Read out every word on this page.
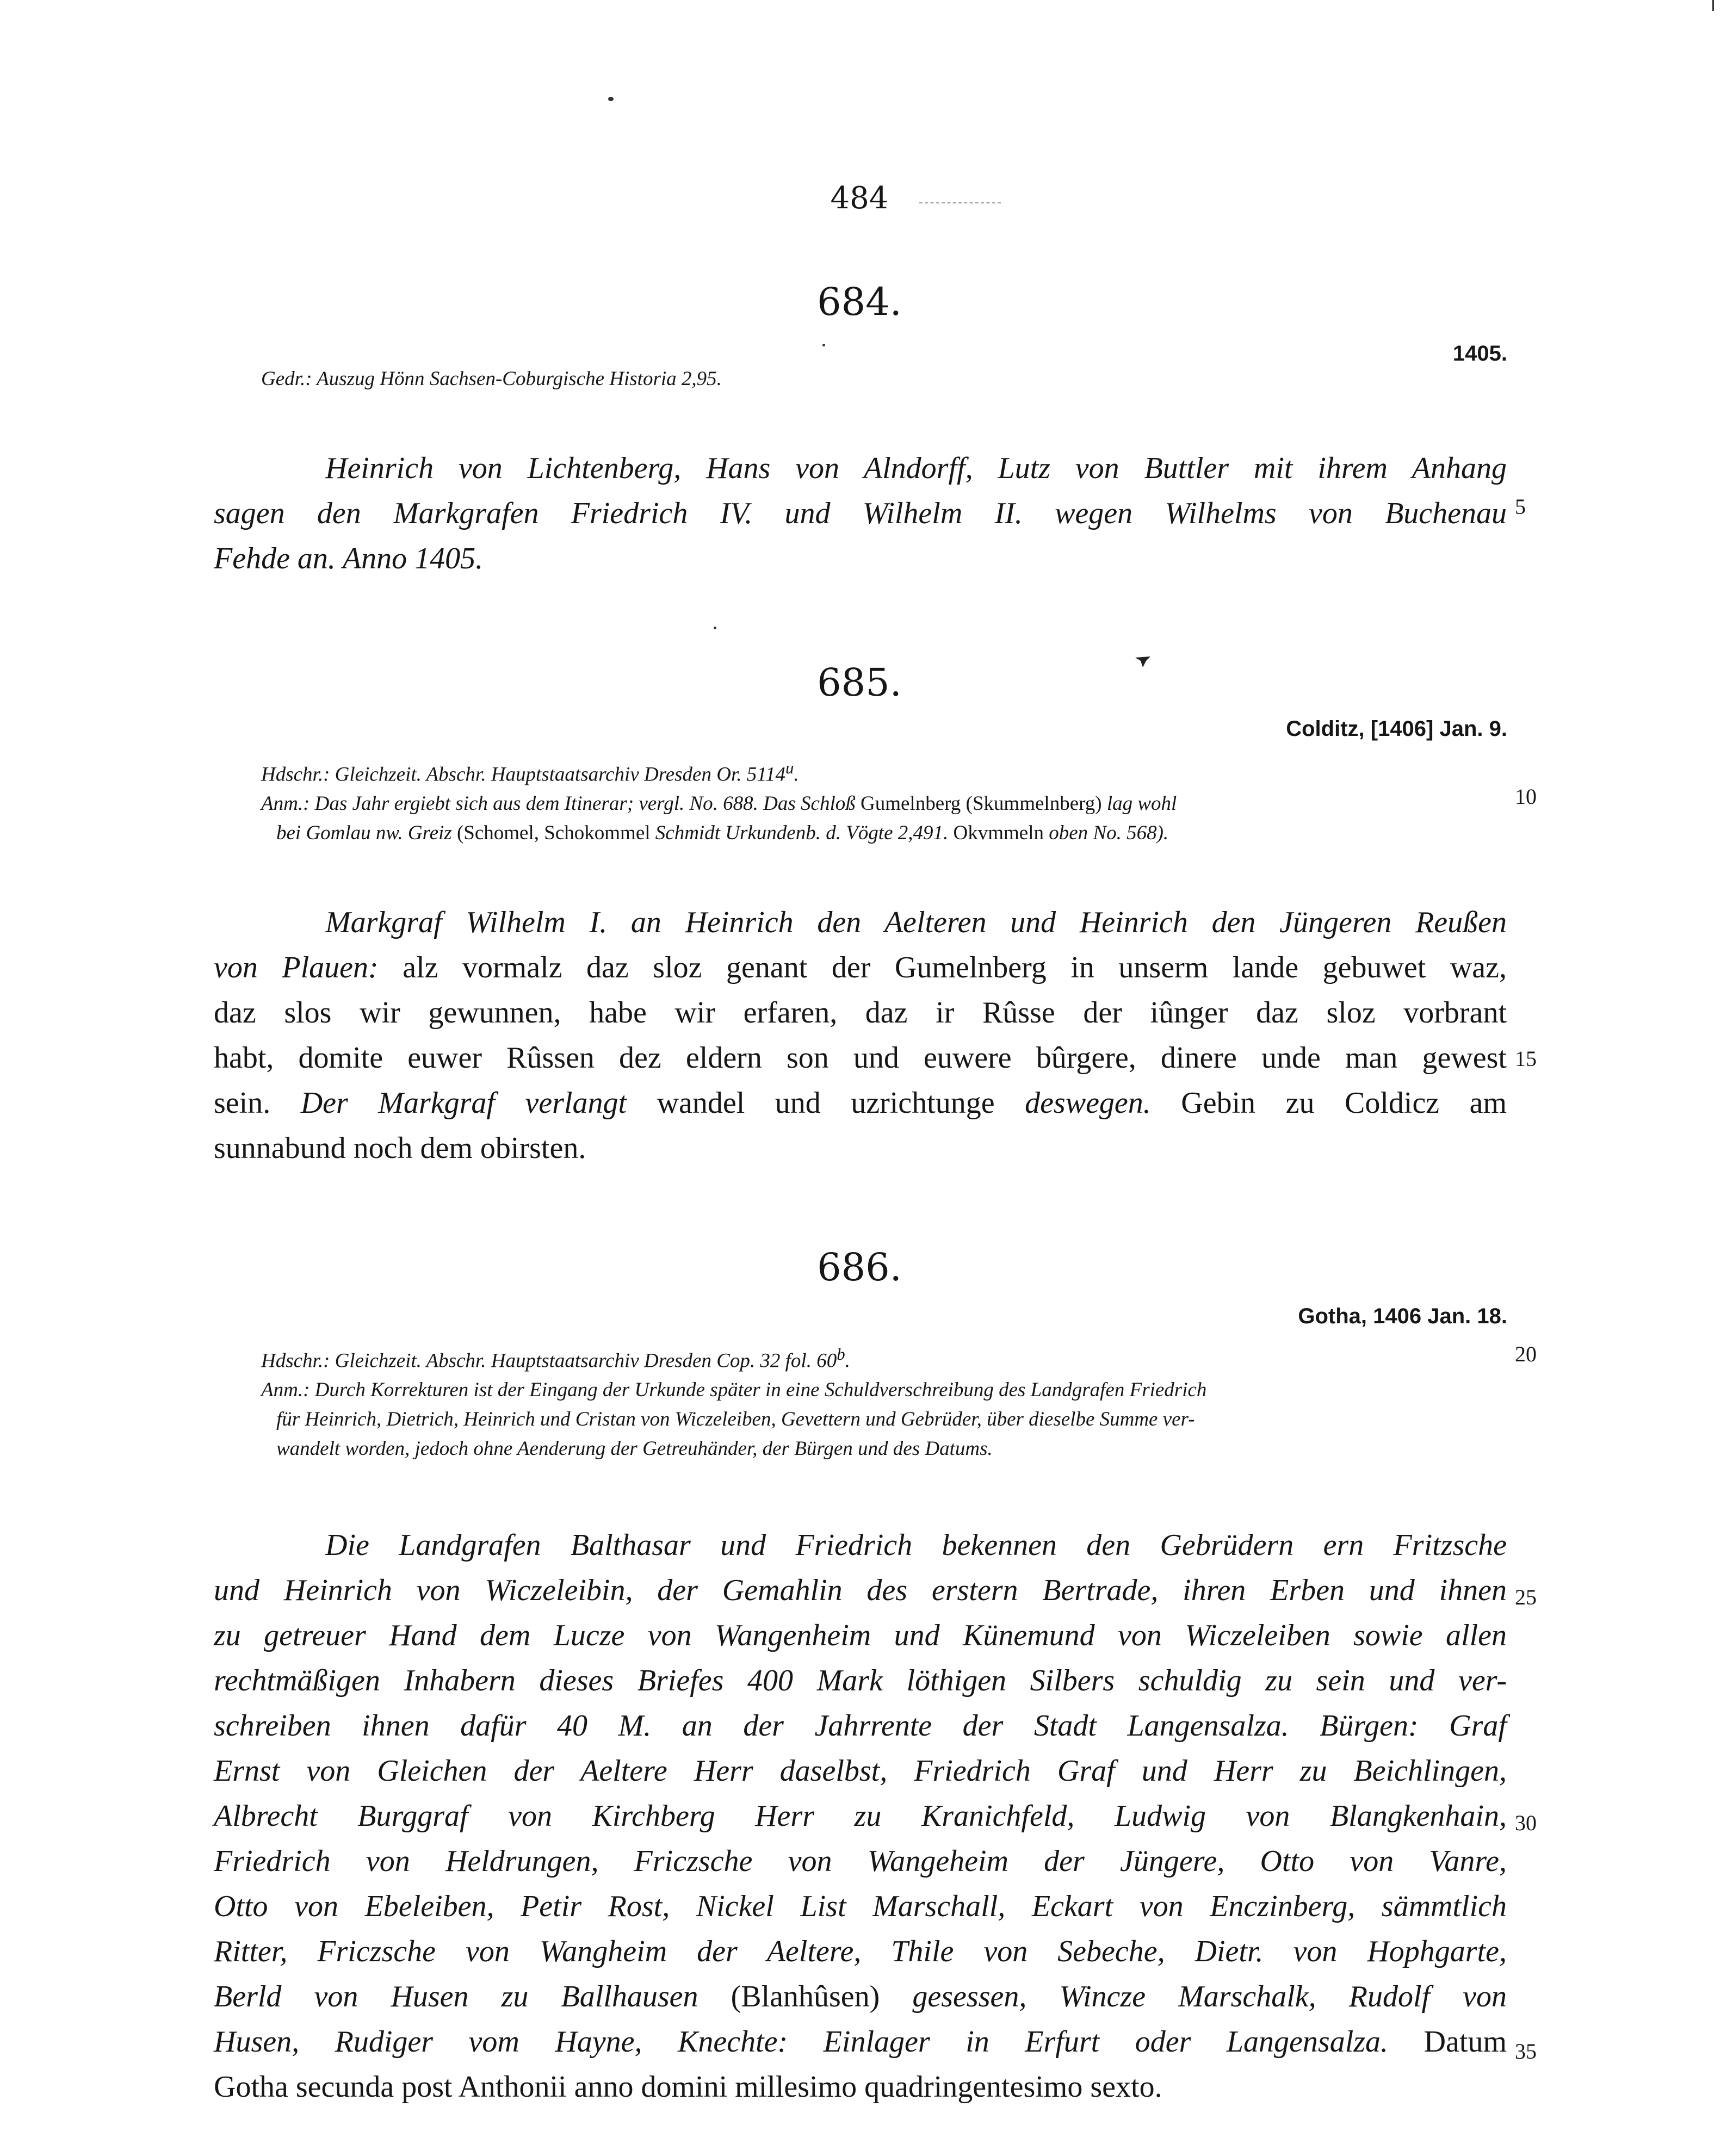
484
684.
1405.
Gedr.: Auszug Hönn Sachsen-Coburgische Historia 2,95.
Heinrich von Lichtenberg, Hans von Alndorff, Lutz von Buttler mit ihrem Anhang
sagen den Markgrafen Friedrich IV. und Wilhelm II. wegen Wilhelms von Buchenau
Fehde an. Anno 1405.
685.
Colditz, [1406] Jan. 9.
Hdschr.: Gleichzeit. Abschr. Hauptstaatsarchiv Dresden Or. 5114$^u$.
Anm.: Das Jahr ergiebt sich aus dem Itinerar; vergl. No. 688. Das Schloß Gumelnberg (Skummelnberg) lag wohl
bei Gomlau nw. Greiz (Schomel, Schokommel Schmidt Urkundenb. d. Vögte 2,491. Okvmmeln oben No. 568).
Markgraf Wilhelm I. an Heinrich den Aelteren und Heinrich den Jüngeren Reußen
von Plauen: alz vormalz daz sloz genant der Gumelnberg in unserm lande gebuwet waz,
daz slos wir gewunnen, habe wir erfaren, daz ir Rûsse der iûnger daz sloz vorbrant
habt, domite euwer Rûssen dez eldern son und euwere bûrgere, dinere unde man gewest
sein. Der Markgraf verlangt wandel und uzrichtunge deswegen. Gebin zu Coldicz am
sunnabund noch dem obirsten.
686.
Gotha, 1406 Jan. 18.
Hdschr.: Gleichzeit. Abschr. Hauptstaatsarchiv Dresden Cop. 32 fol. 60$^b$.
Anm.: Durch Korrekturen ist der Eingang der Urkunde später in eine Schuldverschreibung des Landgrafen Friedrich
für Heinrich, Dietrich, Heinrich und Cristan von Wiczeleiben, Gevettern und Gebrüder, über dieselbe Summe ver-
wandelt worden, jedoch ohne Aenderung der Getreuhänder, der Bürgen und des Datums.
Die Landgrafen Balthasar und Friedrich bekennen den Gebrüdern ern Fritzsche
und Heinrich von Wiczeleibin, der Gemahlin des erstern Bertrade, ihren Erben und ihnen
zu getreuer Hand dem Lucze von Wangenheim und Künemund von Wiczeleiben sowie allen
rechtmäßigen Inhabern dieses Briefes 400 Mark löthigen Silbers schuldig zu sein und ver-
schreiben ihnen dafür 40 M. an der Jahrrente der Stadt Langensalza. Bürgen: Graf
Ernst von Gleichen der Aeltere Herr daselbst, Friedrich Graf und Herr zu Beichlingen,
Albrecht Burggraf von Kirchberg Herr zu Kranichfeld, Ludwig von Blangkenhain,
Friedrich von Heldrungen, Friczsche von Wangeheim der Jüngere, Otto von Vanre,
Otto von Ebeleiben, Petir Rost, Nickel List Marschall, Eckart von Enczinberg, sämmtlich
Ritter, Friczsche von Wangheim der Aeltere, Thile von Sebeche, Dietr. von Hophgarte,
Berld von Husen zu Ballhausen (Blanhûsen) gesessen, Wincze Marschalk, Rudolf von
Husen, Rudiger vom Hayne, Knechte: Einlager in Erfurt oder Langensalza. Datum
Gotha secunda post Anthonii anno domini millesimo quadringentesimo sexto.
5
10
15
20
25
30
35
